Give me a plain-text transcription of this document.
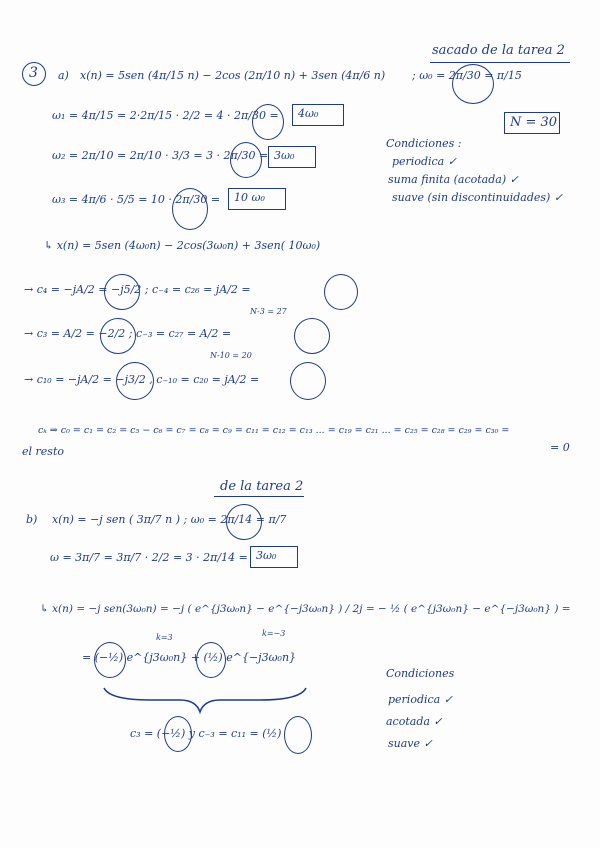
sacado de la tarea 2
3 a) x(n) = 5sen (4π/15 n) − 2cos (2π/10 n) + 3sen (4π/6 n) ; ω₀ = 2π/30 = π/15
N = 30
ω₁ = 4π/15 = 2·2π/15 · 2/2 = 4 · 2π/30 = 4ω₀
ω₂ = 2π/10 = 2π/10 · 3/3 = 3 · 2π/30 = 3ω₀
ω₃ = 4π/6 · 5/5 = 10 · 2π/30 = 10 ω₀
Condiciones :
periodica ✓
suma finita (acotada) ✓
suave (sin discontinuidades) ✓
↳ x(n) = 5sen (4ω₀n) − 2cos(3ω₀n) + 3sen( 10ω₀)
→ c₄ = −jA/2 = −j5/2 ; c₋₄ = c₂₆ = jA/2 =
N-3 = 27
→ c₃ = A/2 = −2/2 ; c₋₃ = c₂₇ = A/2 =
N-10 = 20
→ c₁₀ = −jA/2 = −j3/2 , c₋₁₀ = c₂₀ = jA/2 =
cₖ ⇒ c₀ = c₁ = c₂ = c₅ − c₆ = c₇ = c₈ = c₉ = c₁₁ = c₁₂ = c₁₃ ... = c₁₉ = c₂₁ ... = c₂₅ = c₂₈ = c₂₉ = c₃₀ =
= 0
el resto
de la tarea 2
b) x(n) = −j sen ( 3π/7 n ) ; ω₀ = 2π/14 = π/7
ω = 3π/7 = 3π/7 · 2/2 = 3 · 2π/14 = 3ω₀
↳ x(n) = −j sen(3ω₀n) = −j ( e^{j3ω₀n} − e^{−j3ω₀n} ) / 2j = − ½ ( e^{j3ω₀n} − e^{−j3ω₀n} ) =
k=3	k=−3
= (−½) e^{j3ω₀n} + (½) e^{−j3ω₀n}
c₃ = (−½) y c₋₃ = c₁₁ = (½)
Condiciones
periodica ✓
acotada ✓
suave ✓
